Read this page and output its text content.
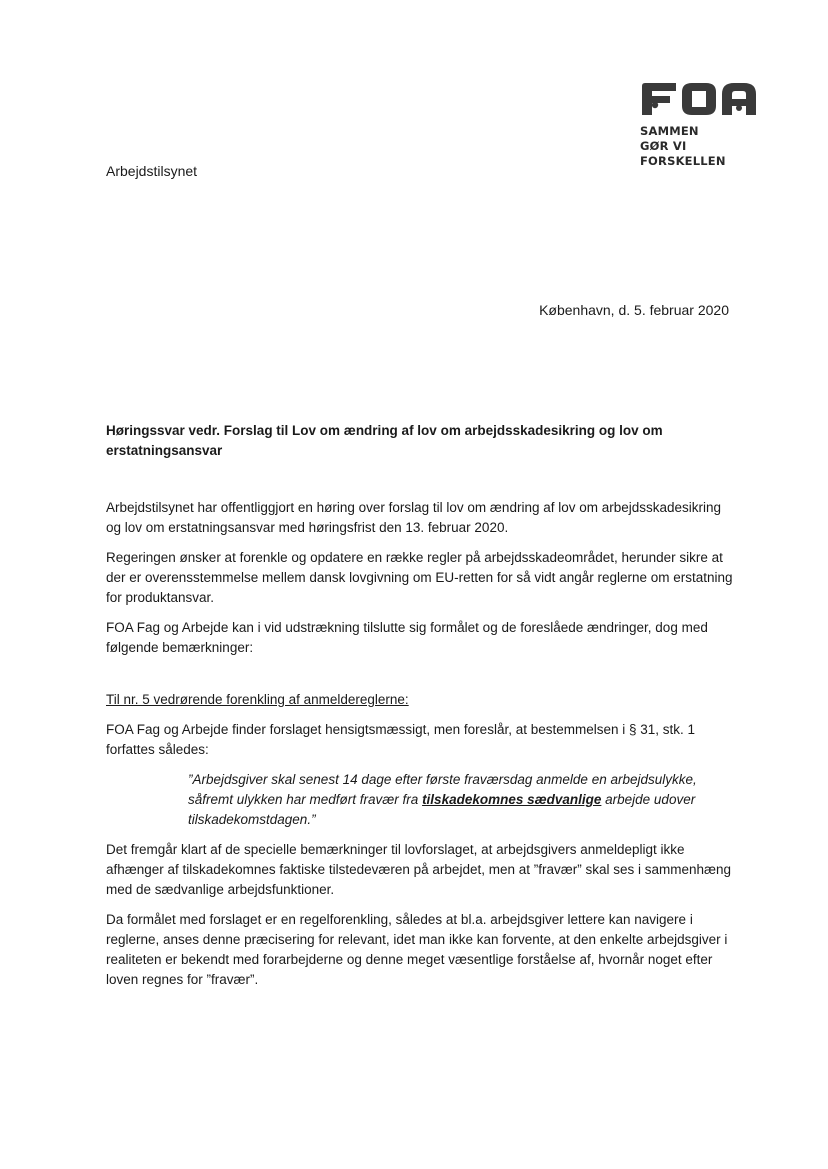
SAMMEN
GØR VI FORSKELLEN
Arbejdstilsynet
København, d. 5. februar 2020
Høringssvar vedr. Forslag til Lov om ændring af lov om arbejdsskadesikring og lov om erstatningsansvar

Arbejdstilsynet har offentliggjort en høring over forslag til lov om ændring af lov om arbejdsskadesikring og lov om erstatningsansvar med høringsfrist den 13. februar 2020.

Regeringen ønsker at forenkle og opdatere en række regler på arbejdsskadeområdet, herunder sikre at der er overensstemmelse mellem dansk lovgivning om EU-retten for så vidt angår reglerne om erstatning for produktansvar.

FOA Fag og Arbejde kan i vid udstrækning tilslutte sig formålet og de foreslåede ændringer, dog med følgende bemærkninger:

Til nr. 5 vedrørende forenkling af anmeldereglerne:

FOA Fag og Arbejde finder forslaget hensigtsmæssigt, men foreslår, at bestemmelsen i § 31, stk. 1 forfattes således:

”Arbejdsgiver skal senest 14 dage efter første fraværsdag anmelde en arbejdsulykke, såfremt ulykken har medført fravær fra tilskadekomnes sædvanlige arbejde udover tilskadekomstdagen.”

Det fremgår klart af de specielle bemærkninger til lovforslaget, at arbejdsgivers anmeldepligt ikke afhænger af tilskadekomnes faktiske tilstedeværen på arbejdet, men at ”fravær” skal ses i sammenhæng med de sædvanlige arbejdsfunktioner.

Da formålet med forslaget er en regelforenkling, således at bl.a. arbejdsgiver lettere kan navigere i reglerne, anses denne præcisering for relevant, idet man ikke kan forvente, at den enkelte arbejdsgiver i realiteten er bekendt med forarbejderne og denne meget væsentlige forståelse af, hvornår noget efter loven regnes for ”fravær”.
